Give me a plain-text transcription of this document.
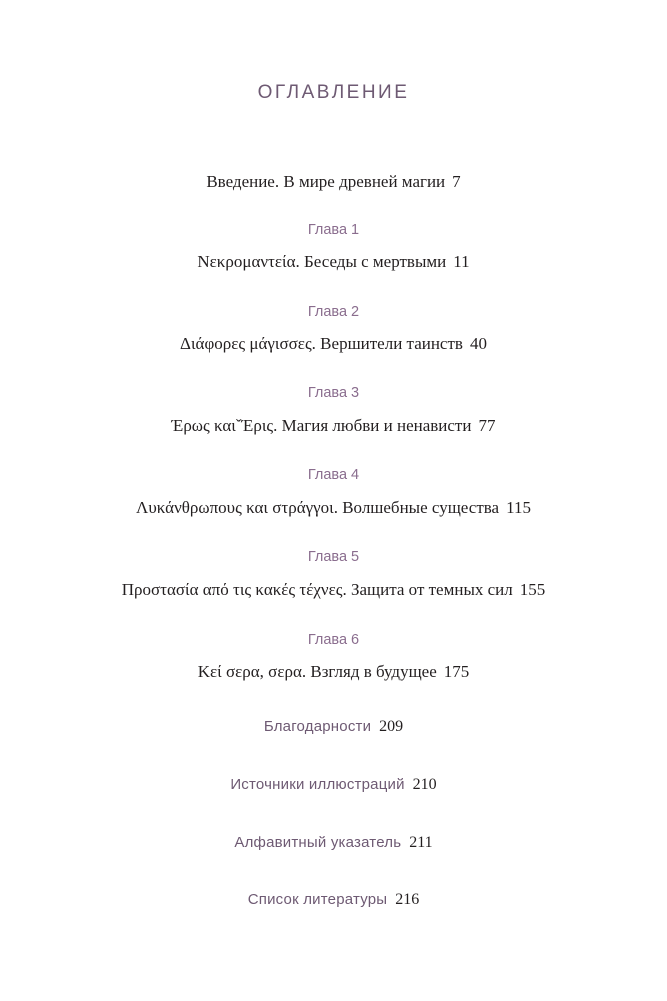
ОГЛАВЛЕНИЕ
Введение. В мире древней магии 7
Глава 1
Νεκρομαντεία. Беседы с мертвыми 11
Глава 2
Διάφορες μάγισσες. Вершители таинств 40
Глава 3
Έρως καιˇΈρις. Магия любви и ненависти 77
Глава 4
Λυκάνθρωπους και στράγγοι. Волшебные существа 115
Глава 5
Προστασία από τις κακές τέχνες. Защита от темных сил 155
Глава 6
Κεί σερα, σερα. Взгляд в будущее 175
Благодарности 209
Источники иллюстраций 210
Алфавитный указатель 211
Список литературы 216
